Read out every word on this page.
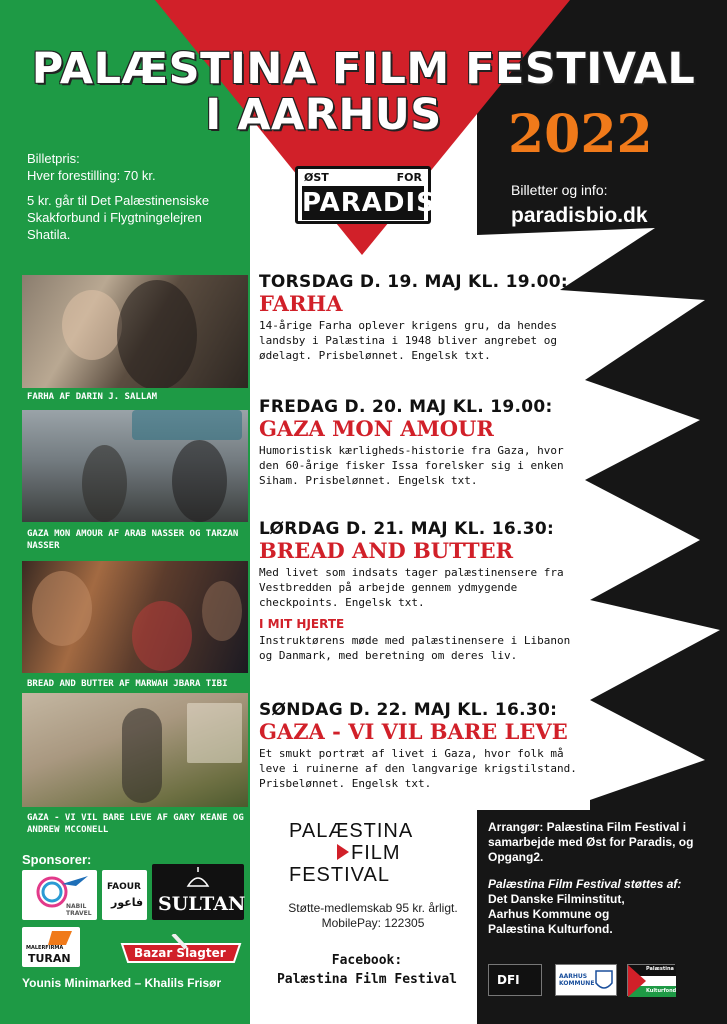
PALÆSTINA FILM FESTIVAL
I AARHUS	2022
ØST	FOR
PARADIS

Billetpris:
Hver forestilling: 70 kr.

5 kr. går til Det Palæstinensiske Skakforbund i Flygtningelejren Shatila.

Billetter og info:
paradisbio.dk
FARHA AF DARIN J. SALLAM
GAZA MON AMOUR AF ARAB NASSER OG TARZAN NASSER
BREAD AND BUTTER AF MARWAH JBARA TIBI
GAZA - VI VIL BARE LEVE AF GARY KEANE OG ANDREW MCCONELL
TORSDAG D. 19. MAJ KL. 19.00:
FARHA
14-årige Farha oplever krigens gru, da hendes landsby i Palæstina i 1948 bliver angrebet og ødelagt. Prisbelønnet. Engelsk txt.
FREDAG D. 20. MAJ KL. 19.00:
GAZA MON AMOUR
Humoristisk kærligheds-historie fra Gaza, hvor den 60-årige fisker Issa forelsker sig i enken Siham. Prisbelønnet. Engelsk txt.
LØRDAG D. 21. MAJ KL. 16.30:
BREAD AND BUTTER
Med livet som indsats tager palæstinensere fra Vestbredden på arbejde gennem ydmygende checkpoints. Engelsk txt.
I MIT HJERTE
Instruktørens møde med palæstinensere i Libanon og Danmark, med beretning om deres liv.
SØNDAG D. 22. MAJ KL. 16.30:
GAZA - VI VIL BARE LEVE
Et smukt portræt af livet i Gaza, hvor folk må leve i ruinerne af den langvarige krigstilstand. Prisbelønnet. Engelsk txt.
PALÆSTINA
FILM
FESTIVAL
Støtte-medlemskab 95 kr. årligt.
MobilePay: 122305
Facebook:
Palæstina Film Festival
Arrangør: Palæstina Film Festival i samarbejde med Øst for Paradis, og Opgang2.
Palæstina Film Festival støttes af:
Det Danske Filminstitut,
Aarhus Kommune og
Palæstina Kulturfond.
Sponsorer:
NABIL TRAVEL
FAOUR
فاعور SULTAN
MALERFIRMA
TURAN	Bazar Slagter
Younis Minimarked – Khalils Frisør	DFI	AARHUS KOMMUNE
Palæstina
Kulturfond
